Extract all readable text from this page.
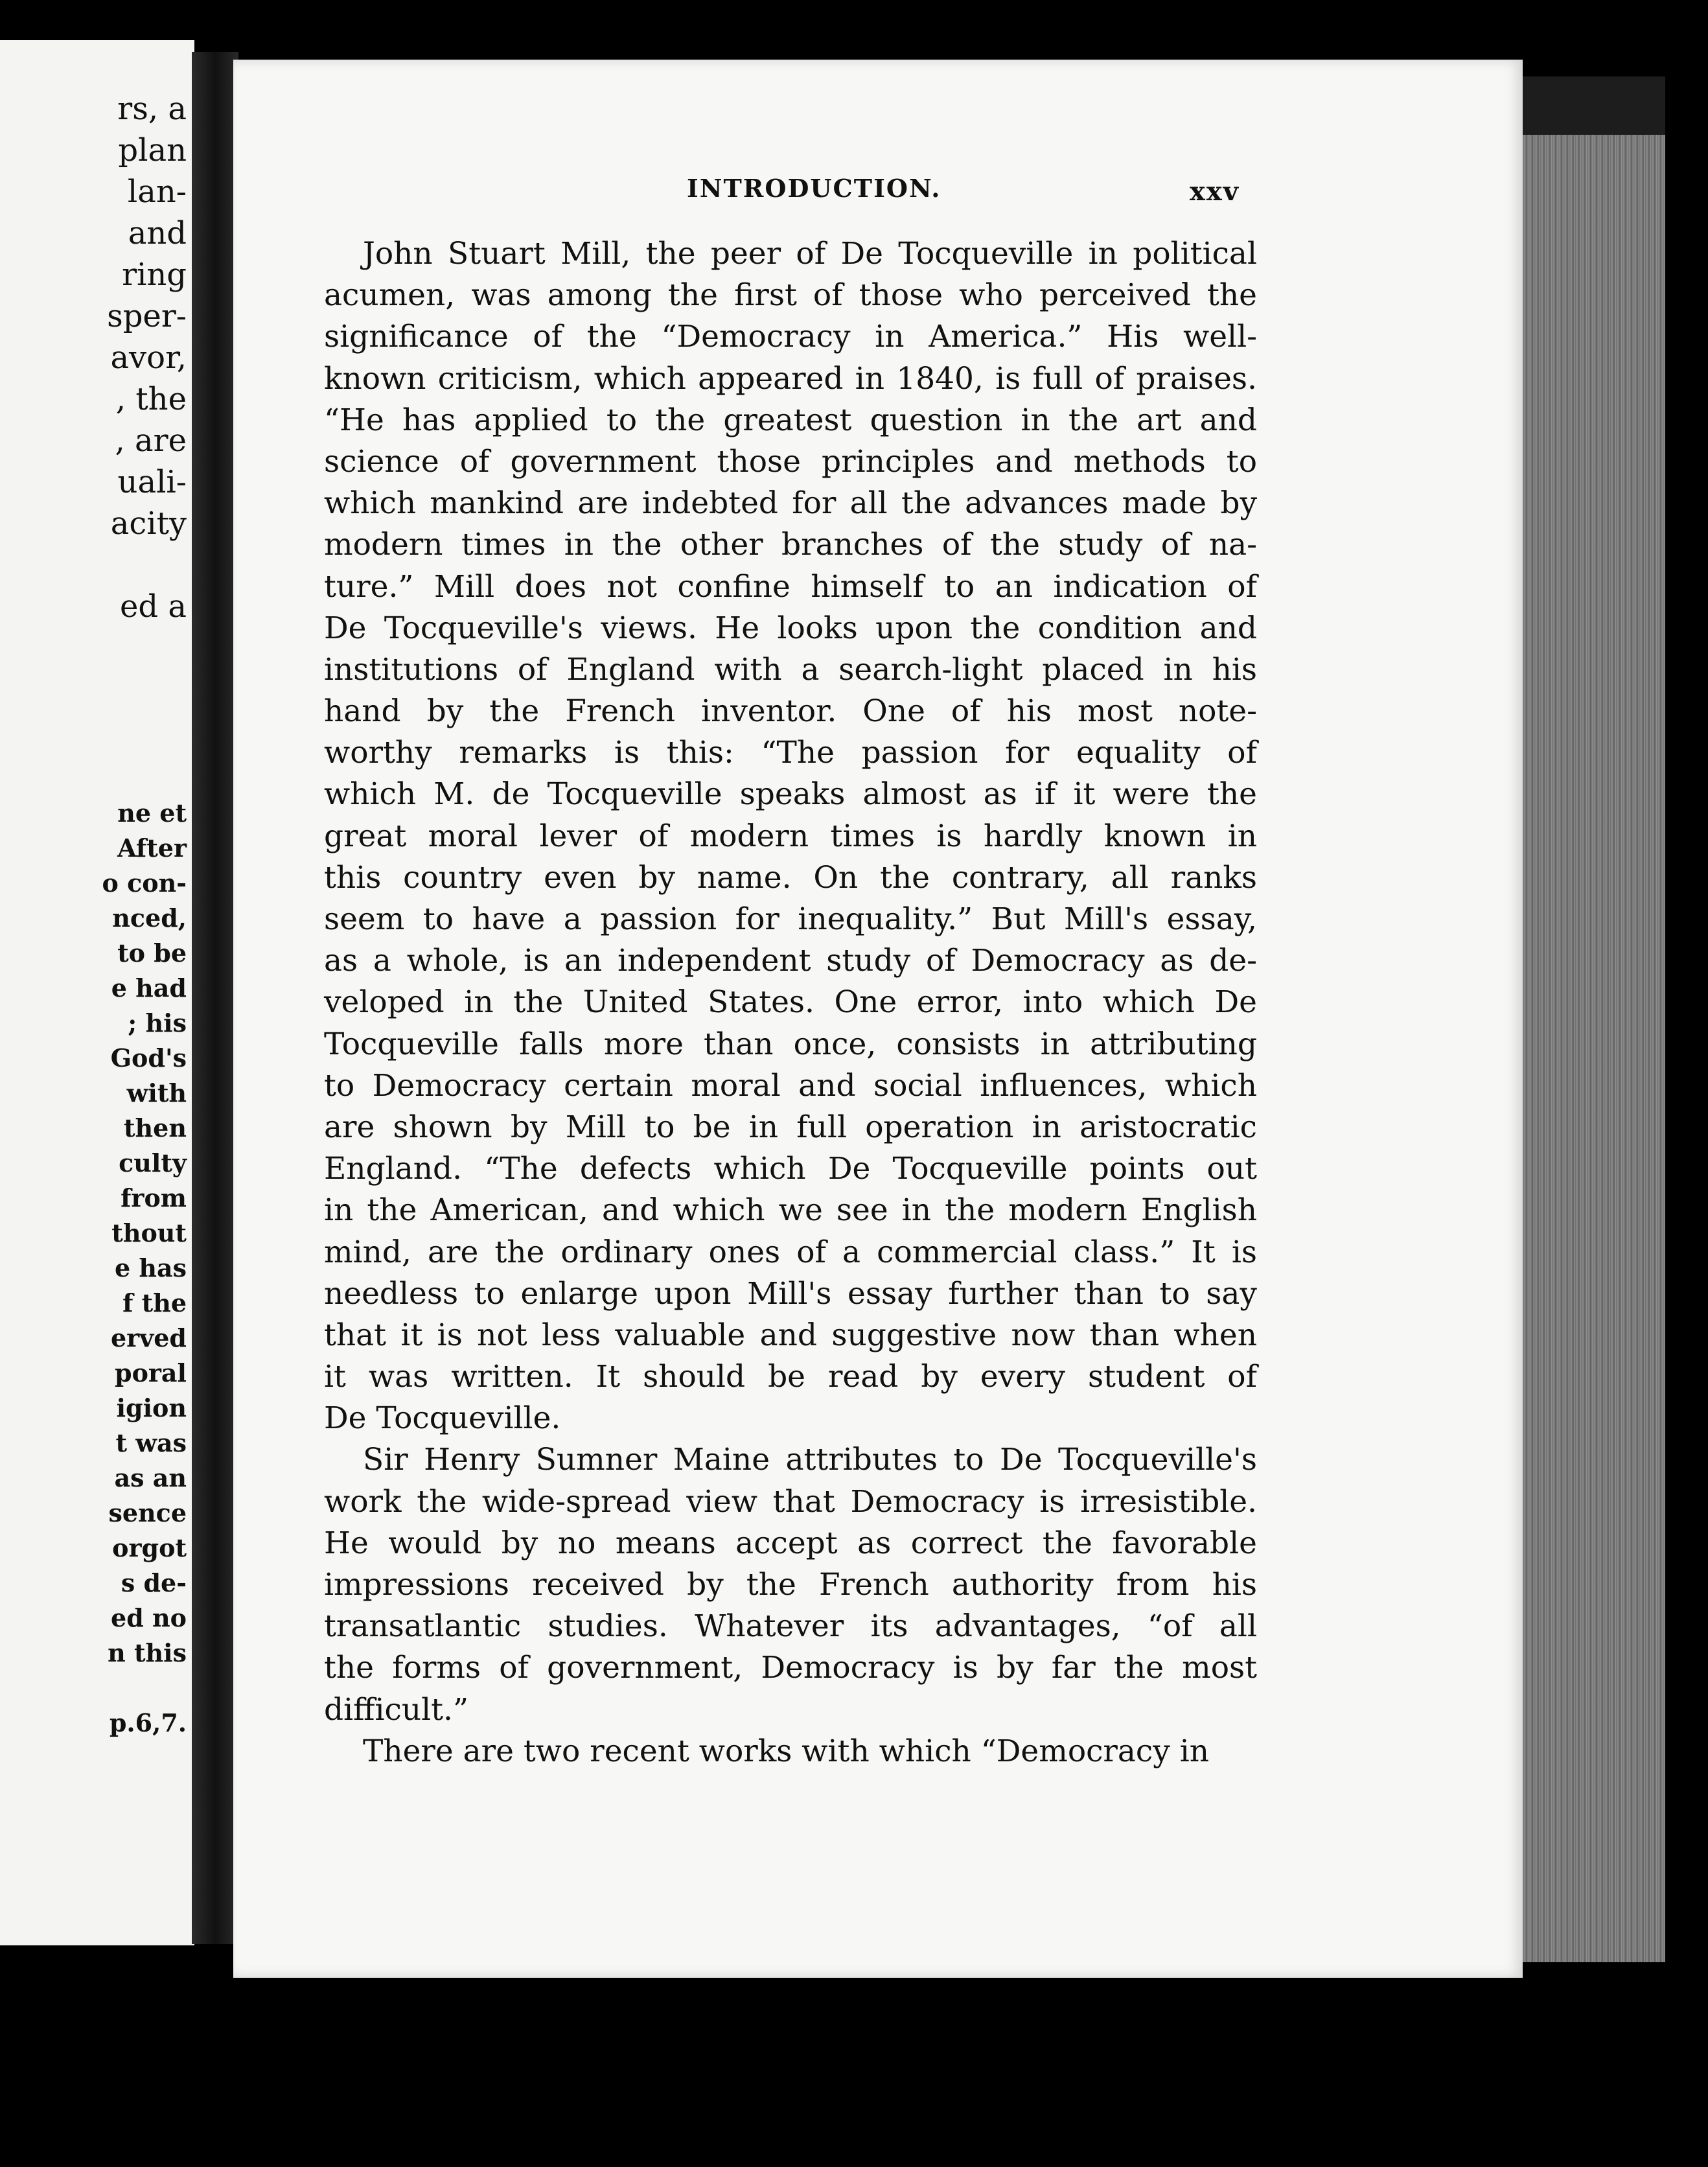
rs, a
plan
lan-
and
ring
sper-
avor,
, the
, are
uali-
acity
ed a
ne et
After
o con-
nced,
to be
e had
; his
God's
with
then
culty
from
thout
e has
f the
erved
poral
igion
t was
as an
sence
orgot
s de-
ed no
n this
p.6,7.
INTRODUCTION.	xxv
John Stuart Mill, the peer of De Tocqueville in political
acumen, was among the first of those who perceived the
significance of the “Democracy in America.” His well-
known criticism, which appeared in 1840, is full of praises.
“He has applied to the greatest question in the art and
science of government those principles and methods to
which mankind are indebted for all the advances made by
modern times in the other branches of the study of na-
ture.” Mill does not confine himself to an indication of
De Tocqueville's views. He looks upon the condition and
institutions of England with a search-light placed in his
hand by the French inventor. One of his most note-
worthy remarks is this: “The passion for equality of
which M. de Tocqueville speaks almost as if it were the
great moral lever of modern times is hardly known in
this country even by name. On the contrary, all ranks
seem to have a passion for inequality.” But Mill's essay,
as a whole, is an independent study of Democracy as de-
veloped in the United States. One error, into which De
Tocqueville falls more than once, consists in attributing
to Democracy certain moral and social influences, which
are shown by Mill to be in full operation in aristocratic
England. “The defects which De Tocqueville points out
in the American, and which we see in the modern English
mind, are the ordinary ones of a commercial class.” It is
needless to enlarge upon Mill's essay further than to say
that it is not less valuable and suggestive now than when
it was written. It should be read by every student of
De Tocqueville.
Sir Henry Sumner Maine attributes to De Tocqueville's
work the wide-spread view that Democracy is irresistible.
He would by no means accept as correct the favorable
impressions received by the French authority from his
transatlantic studies. Whatever its advantages, “of all
the forms of government, Democracy is by far the most
difficult.”
There are two recent works with which “Democracy in
